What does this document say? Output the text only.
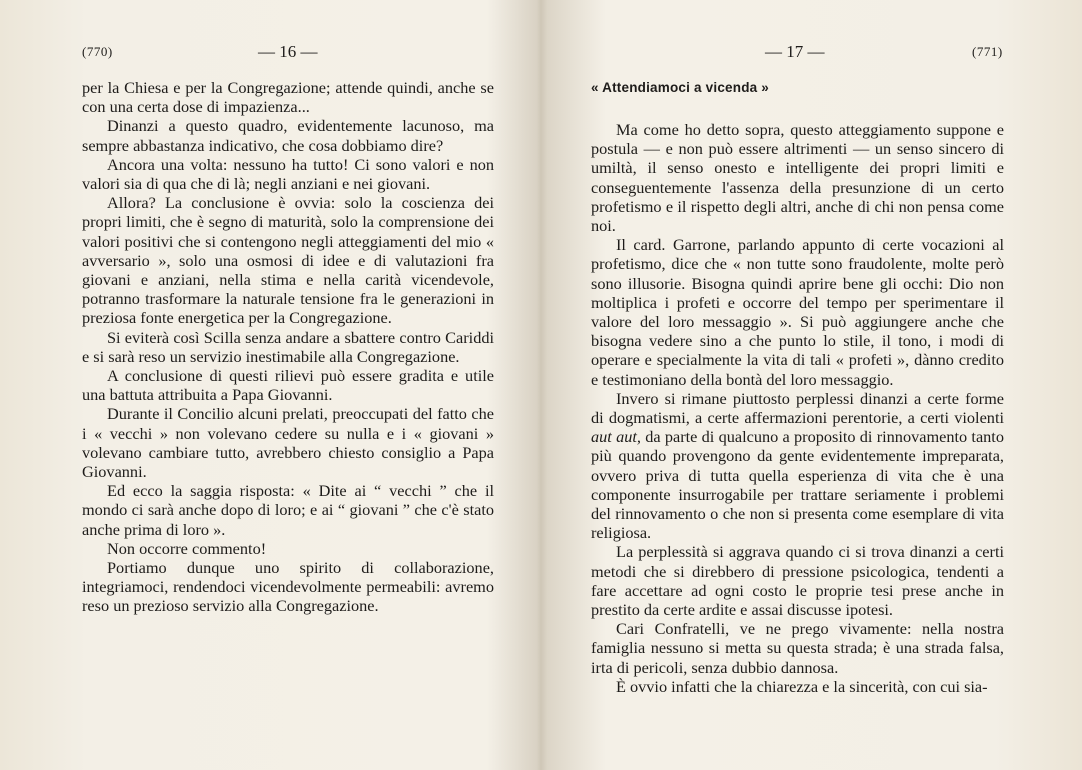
(770)	— 16 —

per la Chiesa e per la Congregazione; attende quindi, anche se con una certa dose di impazienza...

Dinanzi a questo quadro, evidentemente lacunoso, ma sempre abbastanza indicativo, che cosa dobbiamo dire?

Ancora una volta: nessuno ha tutto! Ci sono valori e non valori sia di qua che di là; negli anziani e nei giovani.

Allora? La conclusione è ovvia: solo la coscienza dei propri limiti, che è segno di maturità, solo la comprensione dei valori positivi che si contengono negli atteggiamenti del mio « avversario », solo una osmosi di idee e di valutazioni fra giovani e anziani, nella stima e nella carità vicendevole, potranno trasformare la naturale tensione fra le generazioni in preziosa fonte energetica per la Congregazione.

Si eviterà così Scilla senza andare a sbattere contro Cariddi e si sarà reso un servizio inestimabile alla Congregazione.

A conclusione di questi rilievi può essere gradita e utile una battuta attribuita a Papa Giovanni.

Durante il Concilio alcuni prelati, preoccupati del fatto che i « vecchi » non volevano cedere su nulla e i « giovani » volevano cambiare tutto, avrebbero chiesto consiglio a Papa Giovanni.

Ed ecco la saggia risposta: « Dite ai “ vecchi ” che il mondo ci sarà anche dopo di loro; e ai “ giovani ” che c'è stato anche prima di loro ».

Non occorre commento!

Portiamo dunque uno spirito di collaborazione, integriamoci, rendendoci vicendevolmente permeabili: avremo reso un prezioso servizio alla Congregazione.

— 17 —	(771)
« Attendiamoci a vicenda »

Ma come ho detto sopra, questo atteggiamento suppone e postula — e non può essere altrimenti — un senso sincero di umiltà, il senso onesto e intelligente dei propri limiti e conseguentemente l'assenza della presunzione di un certo profetismo e il rispetto degli altri, anche di chi non pensa come noi.

Il card. Garrone, parlando appunto di certe vocazioni al profetismo, dice che « non tutte sono fraudolente, molte però sono illusorie. Bisogna quindi aprire bene gli occhi: Dio non moltiplica i profeti e occorre del tempo per sperimentare il valore del loro messaggio ». Si può aggiungere anche che bisogna vedere sino a che punto lo stile, il tono, i modi di operare e specialmente la vita di tali « profeti », dànno credito e testimoniano della bontà del loro messaggio.

Invero si rimane piuttosto perplessi dinanzi a certe forme di dogmatismi, a certe affermazioni perentorie, a certi violenti aut aut, da parte di qualcuno a proposito di rinnovamento tanto più quando provengono da gente evidentemente impreparata, ovvero priva di tutta quella esperienza di vita che è una componente insurrogabile per trattare seriamente i problemi del rinnovamento o che non si presenta come esemplare di vita religiosa.

La perplessità si aggrava quando ci si trova dinanzi a certi metodi che si direbbero di pressione psicologica, tendenti a fare accettare ad ogni costo le proprie tesi prese anche in prestito da certe ardite e assai discusse ipotesi.

Cari Confratelli, ve ne prego vivamente: nella nostra famiglia nessuno si metta su questa strada; è una strada falsa, irta di pericoli, senza dubbio dannosa.

È ovvio infatti che la chiarezza e la sincerità, con cui sia-
